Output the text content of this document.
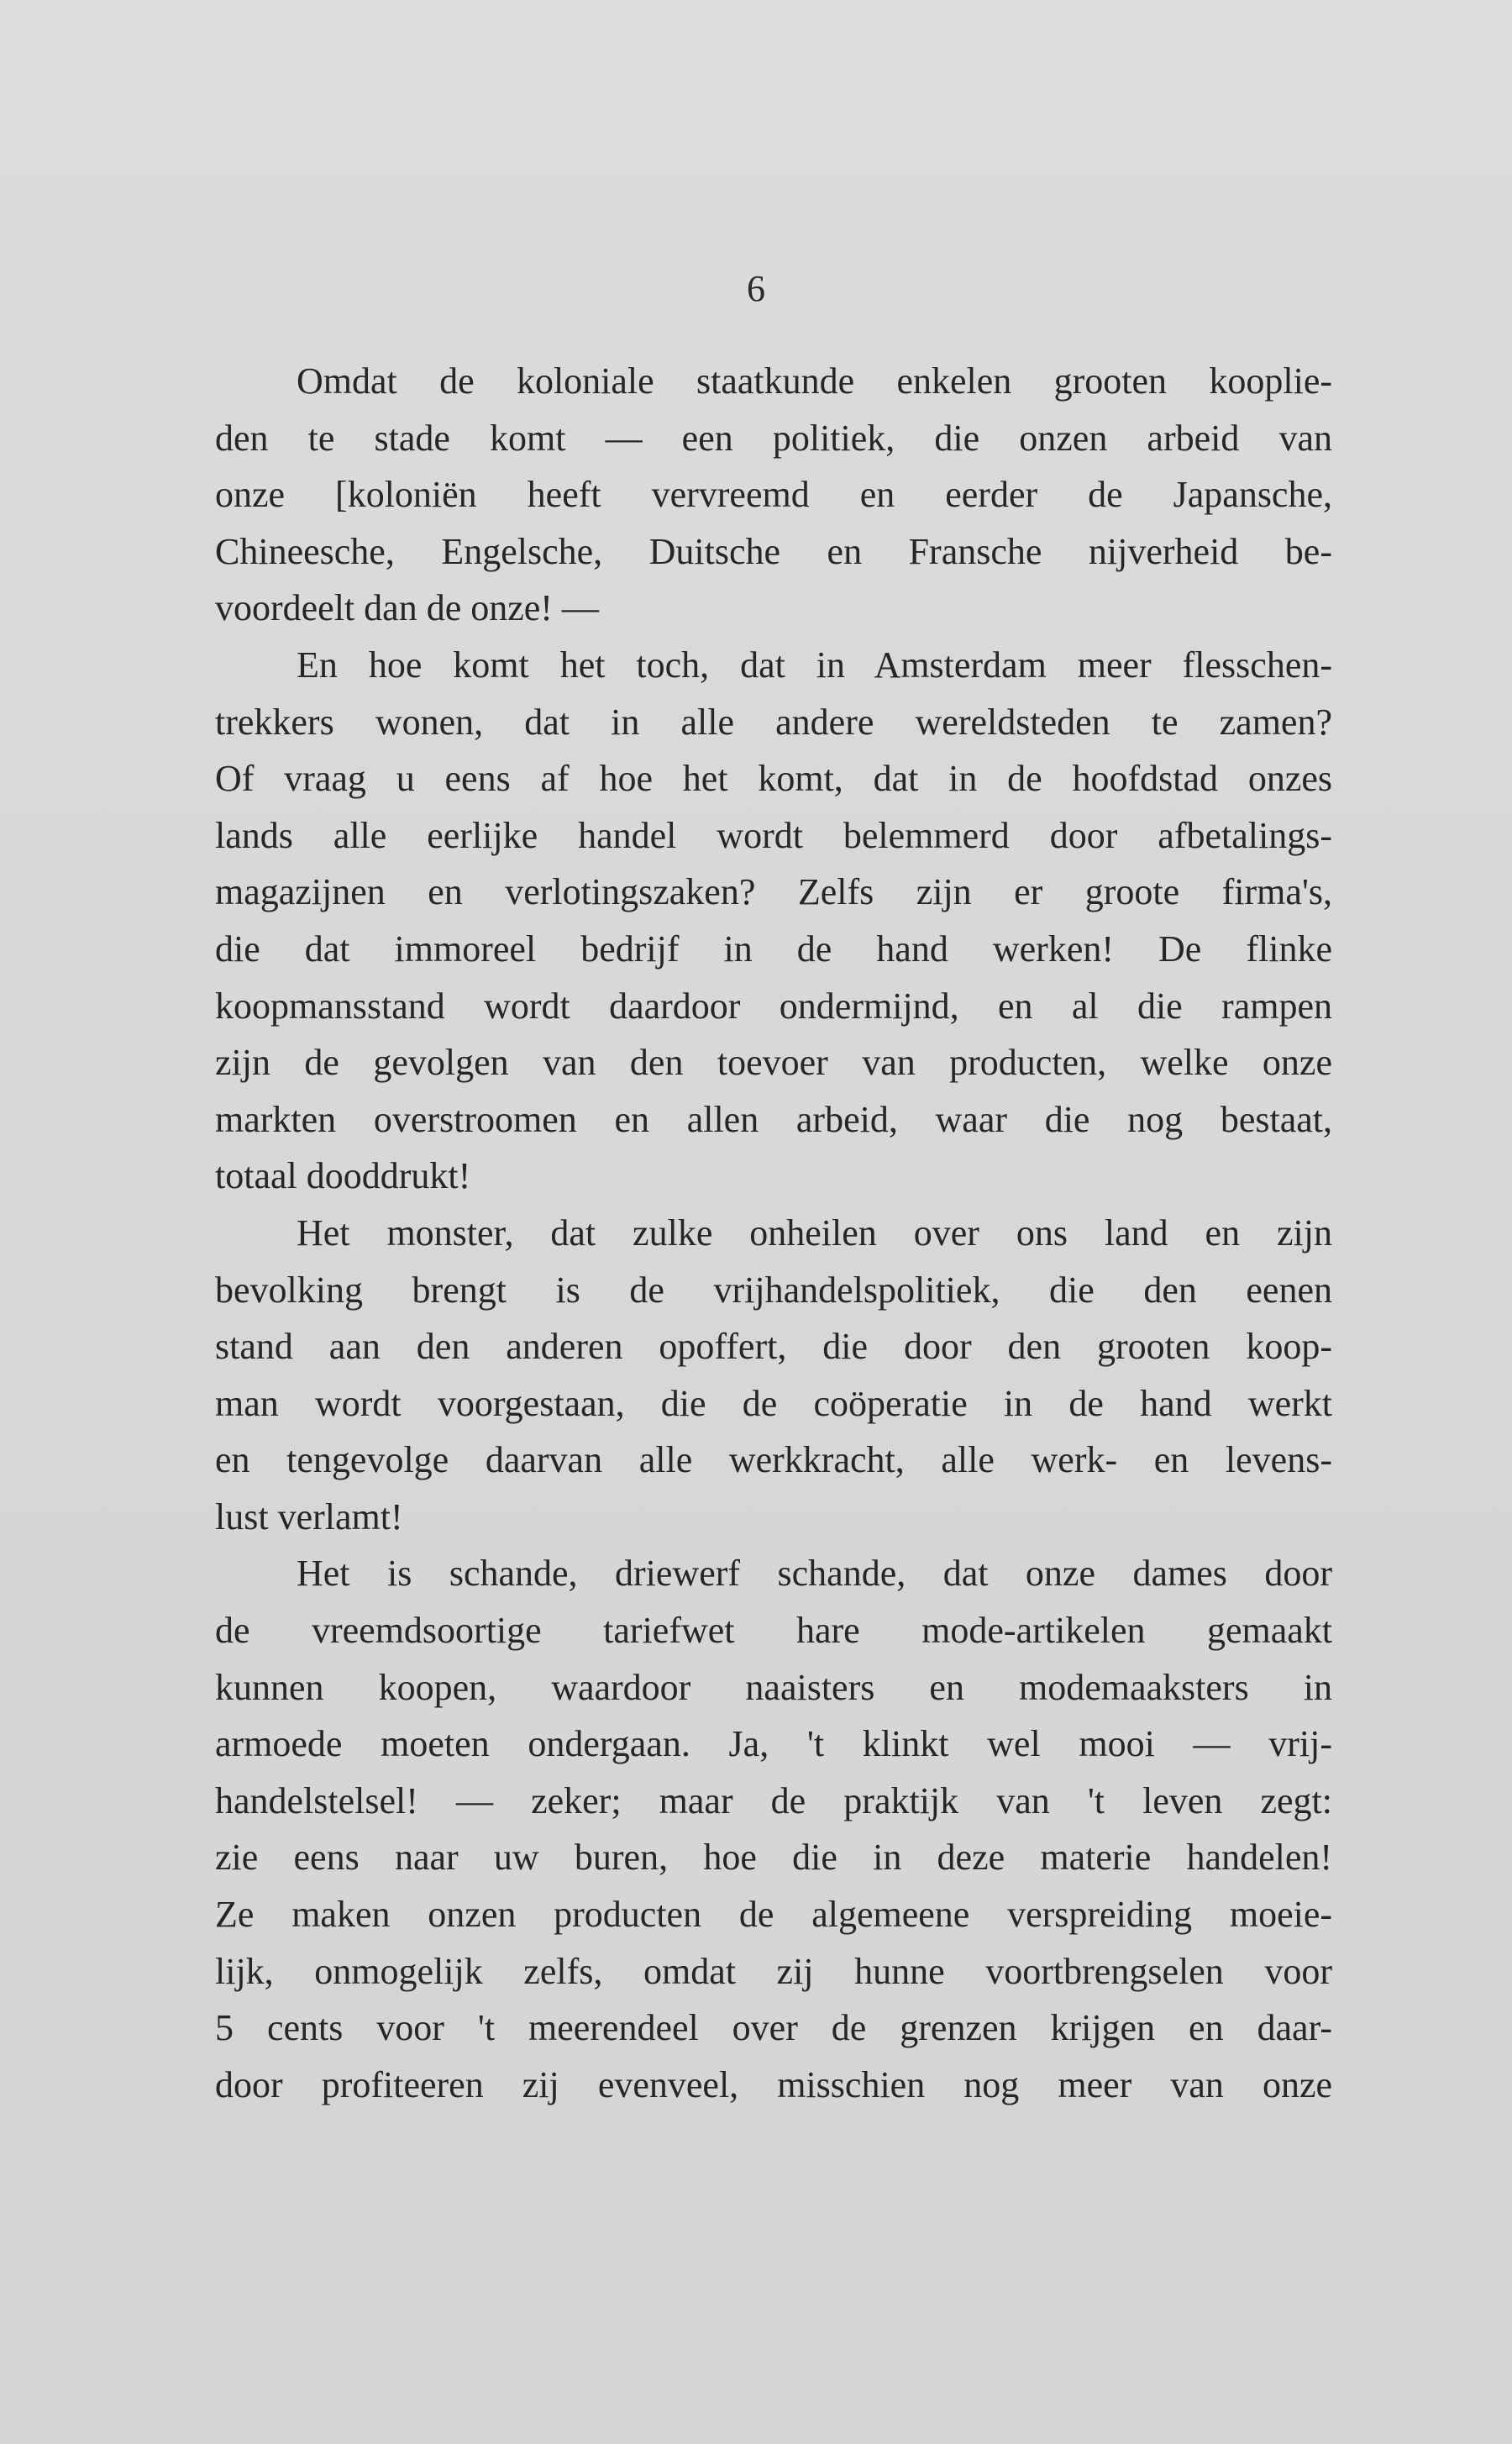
6

Omdat de koloniale staatkunde enkelen grooten kooplie-
den te stade komt — een politiek, die onzen arbeid van
onze [koloniën heeft vervreemd en eerder de Japansche,
Chineesche, Engelsche, Duitsche en Fransche nijverheid be-
voordeelt dan de onze! —
En hoe komt het toch, dat in Amsterdam meer flesschen-
trekkers wonen, dat in alle andere wereldsteden te zamen?
Of vraag u eens af hoe het komt, dat in de hoofdstad onzes
lands alle eerlijke handel wordt belemmerd door afbetalings-
magazijnen en verlotingszaken? Zelfs zijn er groote firma's,
die dat immoreel bedrijf in de hand werken! De flinke
koopmansstand wordt daardoor ondermijnd, en al die rampen
zijn de gevolgen van den toevoer van producten, welke onze
markten overstroomen en allen arbeid, waar die nog bestaat,
totaal dooddrukt!
Het monster, dat zulke onheilen over ons land en zijn
bevolking brengt is de vrijhandelspolitiek, die den eenen
stand aan den anderen opoffert, die door den grooten koop-
man wordt voorgestaan, die de coöperatie in de hand werkt
en tengevolge daarvan alle werkkracht, alle werk- en levens-
lust verlamt!
Het is schande, driewerf schande, dat onze dames door
de vreemdsoortige tariefwet hare mode-artikelen gemaakt
kunnen koopen, waardoor naaisters en modemaaksters in
armoede moeten ondergaan. Ja, 't klinkt wel mooi — vrij-
handelstelsel! — zeker; maar de praktijk van 't leven zegt:
zie eens naar uw buren, hoe die in deze materie handelen!
Ze maken onzen producten de algemeene verspreiding moeie-
lijk, onmogelijk zelfs, omdat zij hunne voortbrengselen voor
5 cents voor 't meerendeel over de grenzen krijgen en daar-
door profiteeren zij evenveel, misschien nog meer van onze
